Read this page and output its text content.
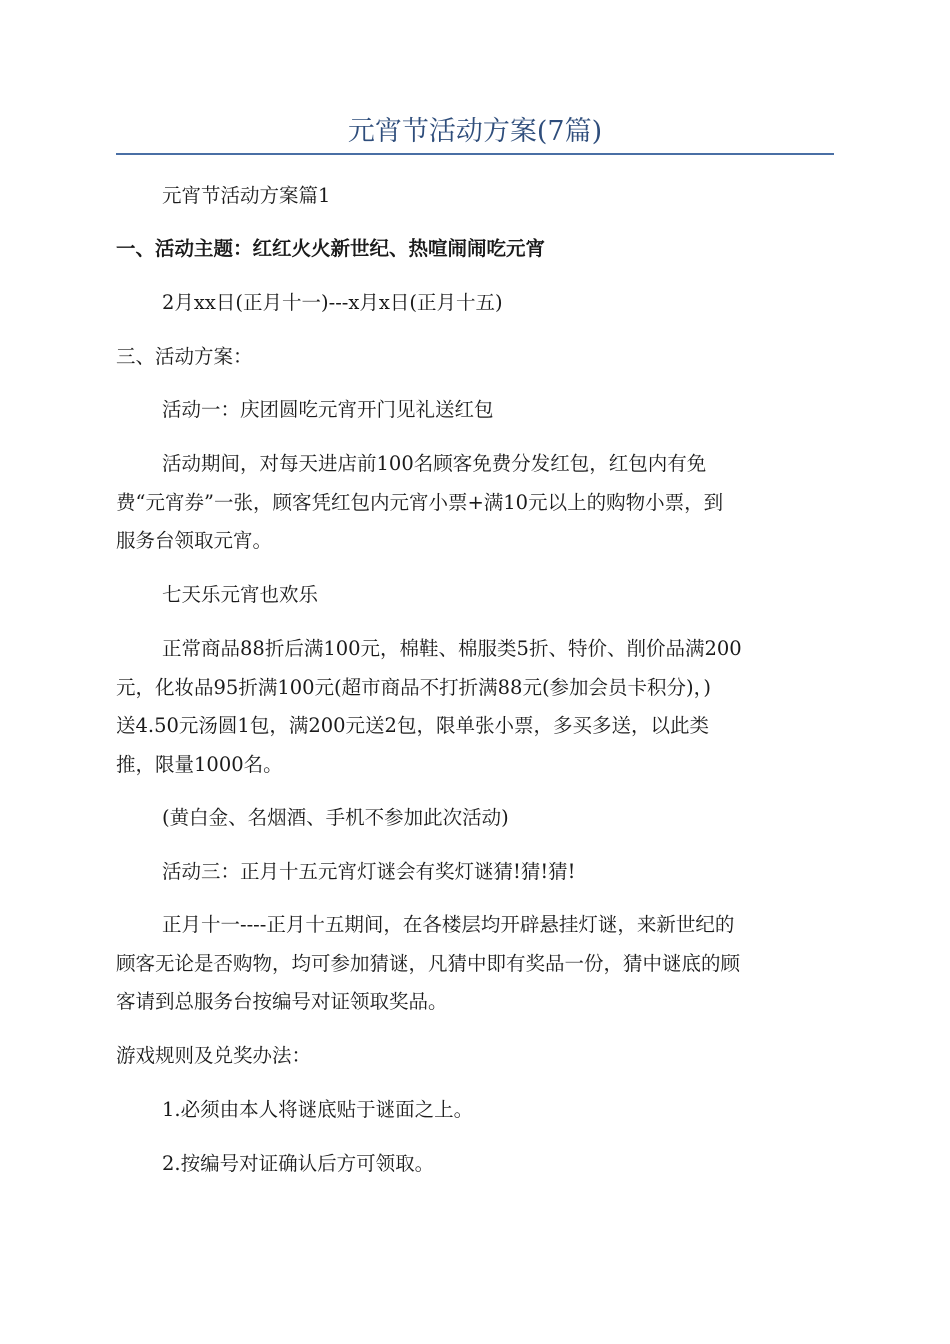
元宵节活动方案(7篇)

元宵节活动方案篇1

一、活动主题：红红火火新世纪、热喧闹闹吃元宵

2月xx日(正月十一)---x月x日(正月十五)

三、活动方案：

活动一：庆团圆吃元宵开门见礼送红包

活动期间，对每天进店前100名顾客免费分发红包，红包内有免
费“元宵券”一张，顾客凭红包内元宵小票+满10元以上的购物小票，到
服务台领取元宵。

七天乐元宵也欢乐

正常商品88折后满100元，棉鞋、棉服类5折、特价、削价品满200
元，化妆品95折满100元(超市商品不打折满88元(参加会员卡积分)，)
送4.50元汤圆1包，满200元送2包，限单张小票，多买多送，以此类
推，限量1000名。

(黄白金、名烟酒、手机不参加此次活动)

活动三：正月十五元宵灯谜会有奖灯谜猜!猜!猜!

正月十一----正月十五期间，在各楼层均开辟悬挂灯谜，来新世纪的
顾客无论是否购物，均可参加猜谜，凡猜中即有奖品一份，猜中谜底的顾
客请到总服务台按编号对证领取奖品。

游戏规则及兑奖办法：

1.必须由本人将谜底贴于谜面之上。

2.按编号对证确认后方可领取。
